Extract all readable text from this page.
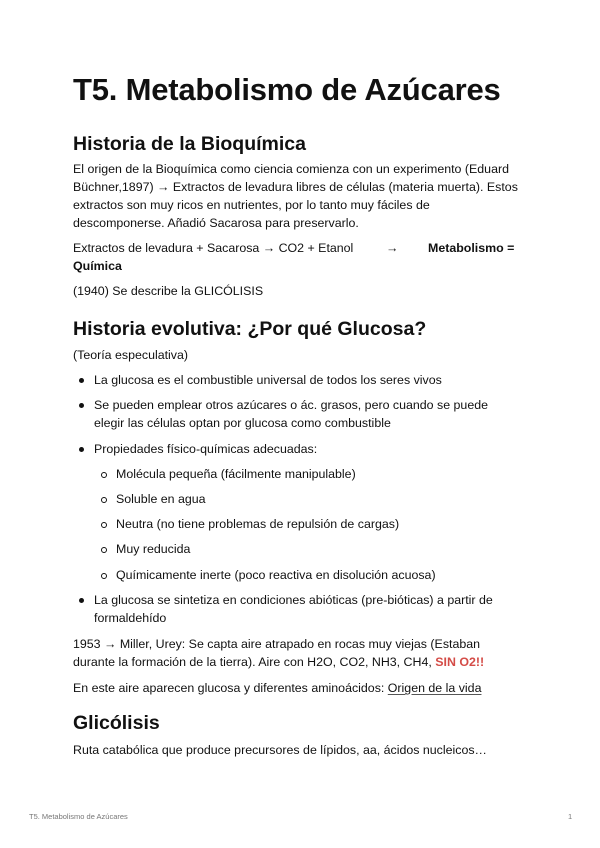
T5. Metabolismo de Azúcares
Historia de la Bioquímica
El origen de la Bioquímica como ciencia comienza con un experimento (Eduard
Büchner,1897) → Extractos de levadura libres de células (materia muerta). Estos
extractos son muy ricos en nutrientes, por lo tanto muy fáciles de
descomponerse. Añadió Sacarosa para preservarlo.
Extractos de levadura + Sacarosa → CO2 + Etanol	→ Metabolismo =
Química
(1940) Se describe la GLICÓLISIS
Historia evolutiva: ¿Por qué Glucosa?
(Teoría especulativa)
La glucosa es el combustible universal de todos los seres vivos
Se pueden emplear otros azúcares o ác. grasos, pero cuando se puede
elegir las células optan por glucosa como combustible
Propiedades físico-químicas adecuadas:
Molécula pequeña (fácilmente manipulable)
Soluble en agua
Neutra (no tiene problemas de repulsión de cargas)
Muy reducida
Químicamente inerte (poco reactiva en disolución acuosa)
La glucosa se sintetiza en condiciones abióticas (pre-bióticas) a partir de
formaldehído
1953 → Miller, Urey: Se capta aire atrapado en rocas muy viejas (Estaban
durante la formación de la tierra). Aire con H2O, CO2, NH3, CH4, SIN O2!!
En este aire aparecen glucosa y diferentes aminoácidos: Origen de la vida
Glicólisis
Ruta catabólica que produce precursores de lípidos, aa, ácidos nucleicos…
T5. Metabolismo de Azúcares	1
